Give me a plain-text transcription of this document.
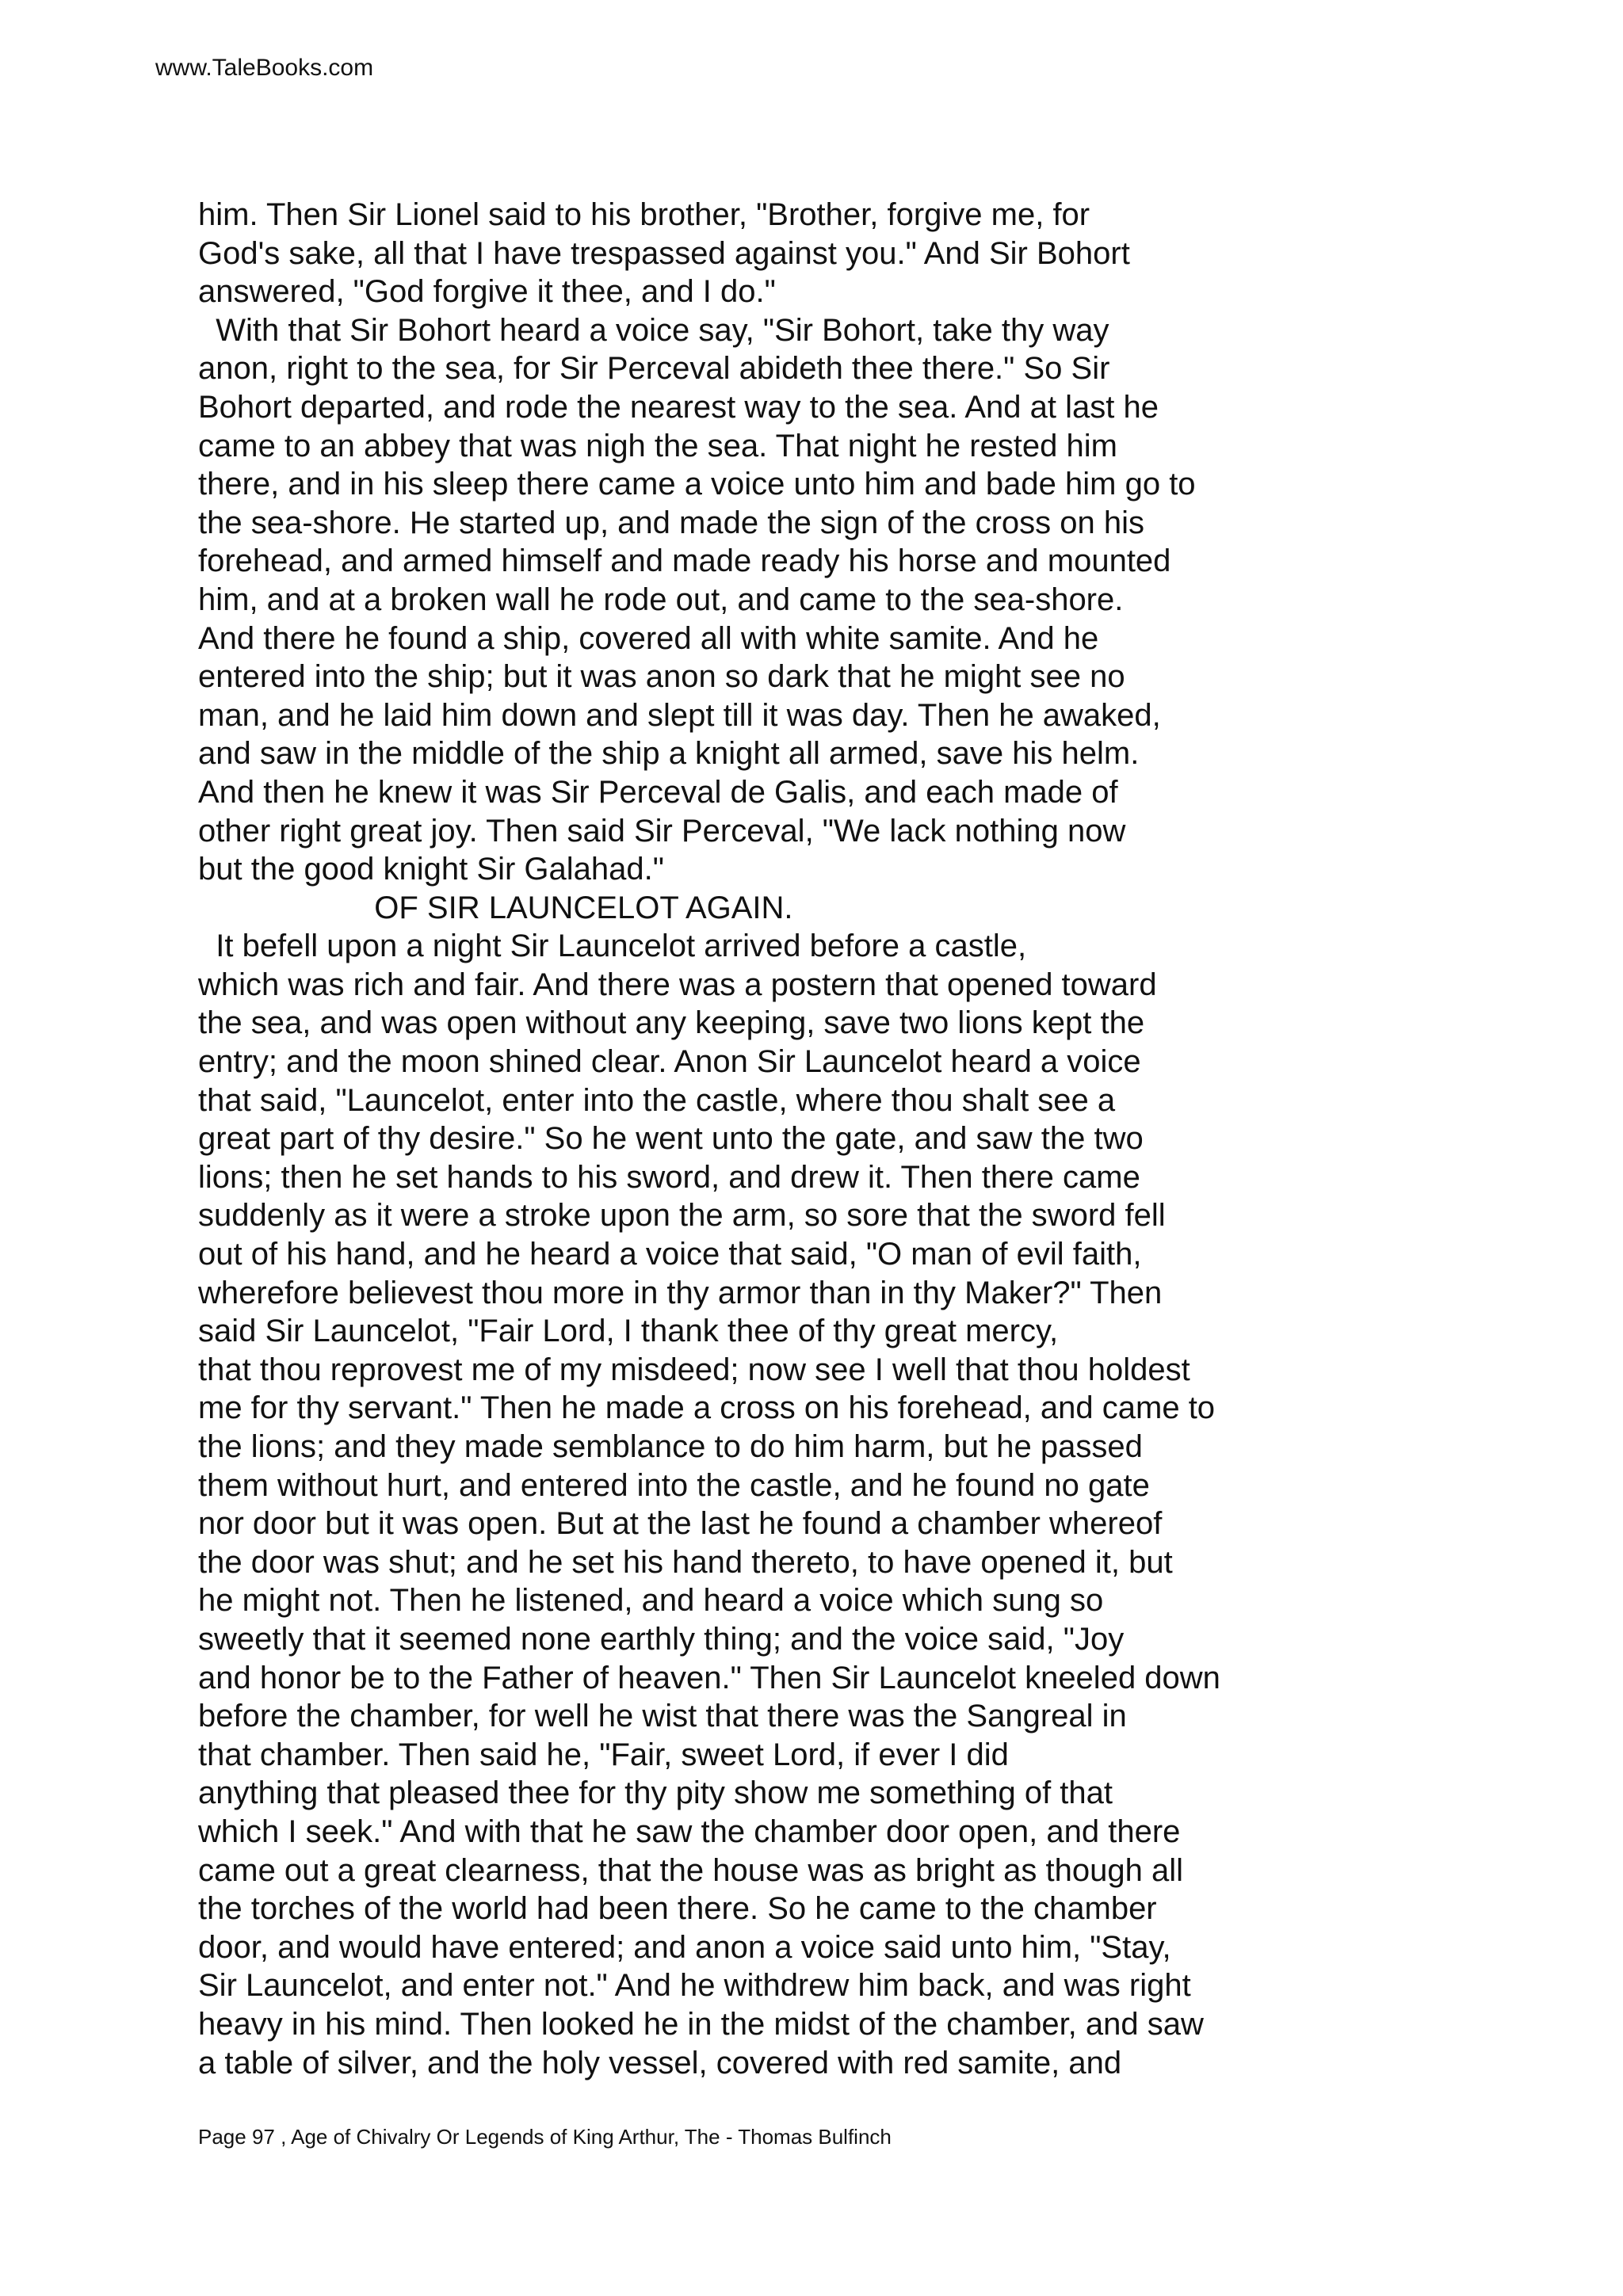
www.TaleBooks.com
him. Then Sir Lionel said to his brother, "Brother, forgive me, for
God's sake, all that I have trespassed against you." And Sir Bohort
answered, "God forgive it thee, and I do."
With that Sir Bohort heard a voice say, "Sir Bohort, take thy way
anon, right to the sea, for Sir Perceval abideth thee there." So Sir
Bohort departed, and rode the nearest way to the sea. And at last he
came to an abbey that was nigh the sea. That night he rested him
there, and in his sleep there came a voice unto him and bade him go to
the sea-shore. He started up, and made the sign of the cross on his
forehead, and armed himself and made ready his horse and mounted
him, and at a broken wall he rode out, and came to the sea-shore.
And there he found a ship, covered all with white samite. And he
entered into the ship; but it was anon so dark that he might see no
man, and he laid him down and slept till it was day. Then he awaked,
and saw in the middle of the ship a knight all armed, save his helm.
And then he knew it was Sir Perceval de Galis, and each made of
other right great joy. Then said Sir Perceval, "We lack nothing now
but the good knight Sir Galahad."
OF SIR LAUNCELOT AGAIN.
It befell upon a night Sir Launcelot arrived before a castle,
which was rich and fair. And there was a postern that opened toward
the sea, and was open without any keeping, save two lions kept the
entry; and the moon shined clear. Anon Sir Launcelot heard a voice
that said, "Launcelot, enter into the castle, where thou shalt see a
great part of thy desire." So he went unto the gate, and saw the two
lions; then he set hands to his sword, and drew it. Then there came
suddenly as it were a stroke upon the arm, so sore that the sword fell
out of his hand, and he heard a voice that said, "O man of evil faith,
wherefore believest thou more in thy armor than in thy Maker?" Then
said Sir Launcelot, "Fair Lord, I thank thee of thy great mercy,
that thou reprovest me of my misdeed; now see I well that thou holdest
me for thy servant." Then he made a cross on his forehead, and came to
the lions; and they made semblance to do him harm, but he passed
them without hurt, and entered into the castle, and he found no gate
nor door but it was open. But at the last he found a chamber whereof
the door was shut; and he set his hand thereto, to have opened it, but
he might not. Then he listened, and heard a voice which sung so
sweetly that it seemed none earthly thing; and the voice said, "Joy
and honor be to the Father of heaven." Then Sir Launcelot kneeled down
before the chamber, for well he wist that there was the Sangreal in
that chamber. Then said he, "Fair, sweet Lord, if ever I did
anything that pleased thee for thy pity show me something of that
which I seek." And with that he saw the chamber door open, and there
came out a great clearness, that the house was as bright as though all
the torches of the world had been there. So he came to the chamber
door, and would have entered; and anon a voice said unto him, "Stay,
Sir Launcelot, and enter not." And he withdrew him back, and was right
heavy in his mind. Then looked he in the midst of the chamber, and saw
a table of silver, and the holy vessel, covered with red samite, and
Page 97 , Age of Chivalry Or Legends of King Arthur, The - Thomas Bulfinch
